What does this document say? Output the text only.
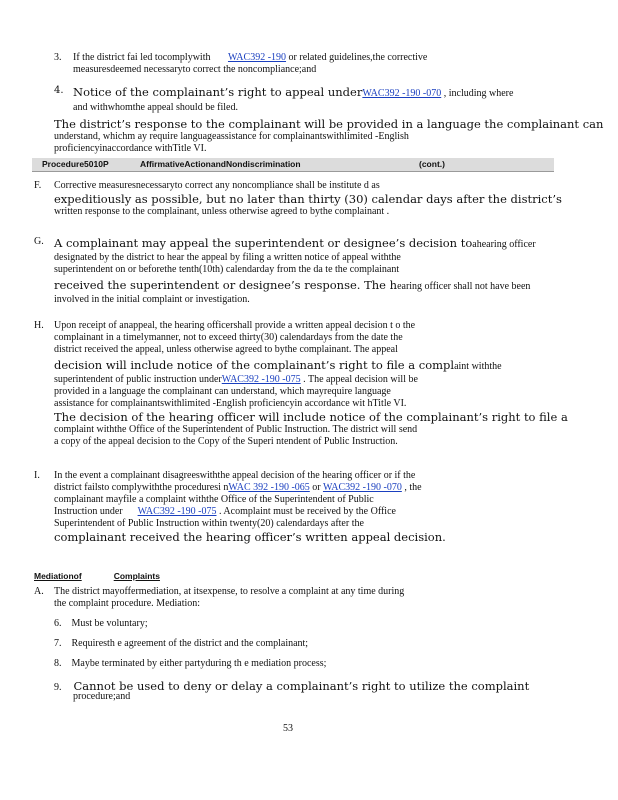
3. If the district fai led tocomplywith WAC392 -190 or related guidelines,the corrective
measuresdeemed necessaryto correct the noncompliance;and
4. Notice of the complainant’s right to appeal underWAC392 -190 -070 , including where
and withwhomthe appeal should be filed.
The district’s response to the complainant will be provided in a language the complainant can
understand, whichm ay require languageassistance for complainantswithlimited -English
proficiencyinaccordance withTitle VI.
Procedure5010P	AffirmativeActionandNondiscrimination	(cont.)
F. Corrective measuresnecessaryto correct any noncompliance shall be institute d as
expeditiously as possible, but no later than thirty (30) calendar days after the district’s
written response to the complainant, unless otherwise agreed to bythe complainant .
G. A complainant may appeal the superintendent or designee’s decision toahearing officer
designated by the district to hear the appeal by filing a written notice of appeal withthe
superintendent on or beforethe tenth(10th) calendarday from the da te the complainant
received the superintendent or designee’s response. The hearing officer shall not have been
involved in the initial complaint or investigation.
H. Upon receipt of anappeal, the hearing officershall provide a written appeal decision t o the
complainant in a timelymanner, not to exceed thirty(30) calendardays from the date the
district received the appeal, unless otherwise agreed to bythe complainant. The appeal
decision will include notice of the complainant’s right to file a complaint withthe
superintendent of public instruction underWAC392 -190 -075 . The appeal decision will be
provided in a language the complainant can understand, which mayrequire language
assistance for complainantswithlimited -English proficiencyin accordance wit hTitle VI.
The decision of the hearing officer will include notice of the complainant’s right to file a
complaint withthe Office of the Superintendent of Public Instruction. The district will send
a copy of the appeal decision to the Copy of the Superi ntendent of Public Instruction.
I. In the event a complainant disagreeswiththe appeal decision of the hearing officer or if the
district failsto complywiththe proceduresi nWAC 392 -190 -065 or WAC392 -190 -070 , the
complainant mayfile a complaint withthe Office of the Superintendent of Public
Instruction under WAC392 -190 -075 . Acomplaint must be received by the Office
Superintendent of Public Instruction within twenty(20) calendardays after the
complainant received the hearing officer’s written appeal decision.
Mediationof	Complaints
A. The district mayoffermediation, at itsexpense, to resolve a complaint at any time during
the complaint procedure. Mediation:
6. Must be voluntary;
7. Requiresth e agreement of the district and the complainant;
8. Maybe terminated by either partyduring th e mediation process;
9. Cannot be used to deny or delay a complainant’s right to utilize the complaint
procedure;and
53
